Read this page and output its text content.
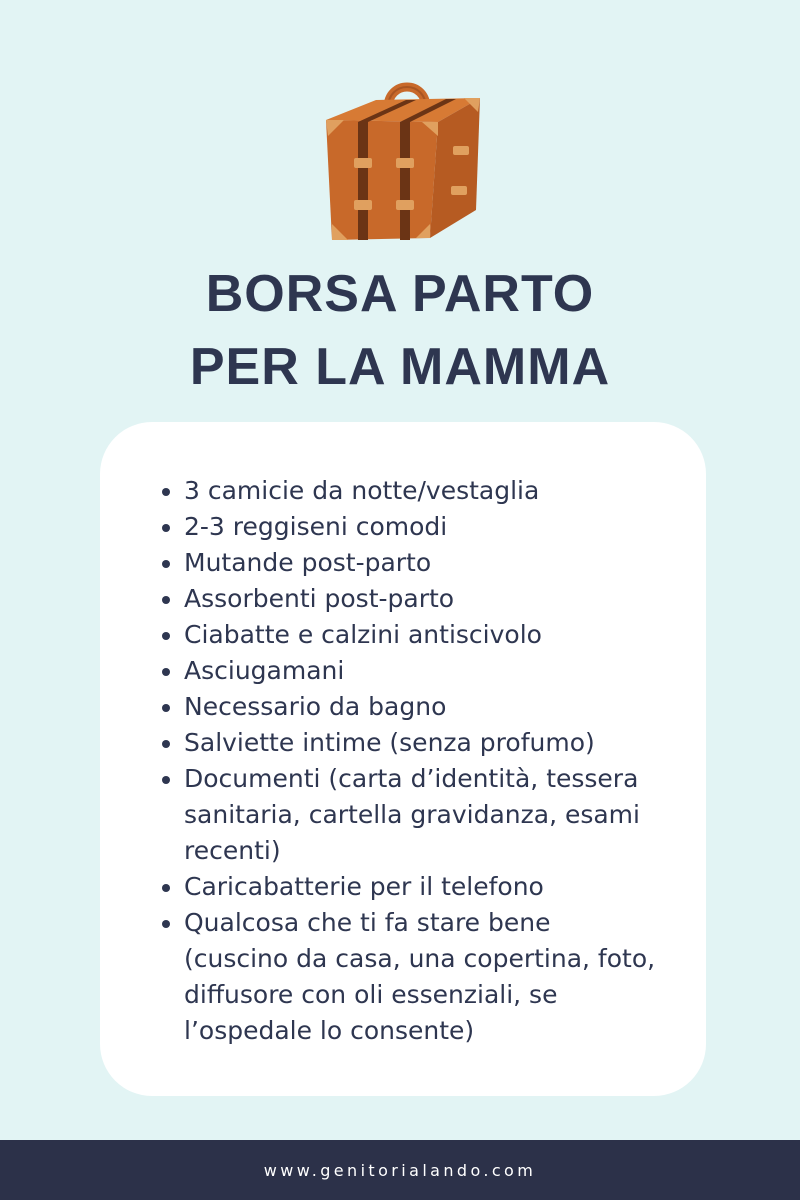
BORSA PARTO
PER LA MAMMA
3 camicie da notte/vestaglia
2-3 reggiseni comodi
Mutande post-parto
Assorbenti post-parto
Ciabatte e calzini antiscivolo
Asciugamani
Necessario da bagno
Salviette intime (senza profumo)
Documenti (carta d’identità, tessera
sanitaria, cartella gravidanza, esami
recenti)
Caricabatterie per il telefono
Qualcosa che ti fa stare bene
(cuscino da casa, una copertina, foto,
diffusore con oli essenziali, se
l’ospedale lo consente)
www.genitorialando.com
